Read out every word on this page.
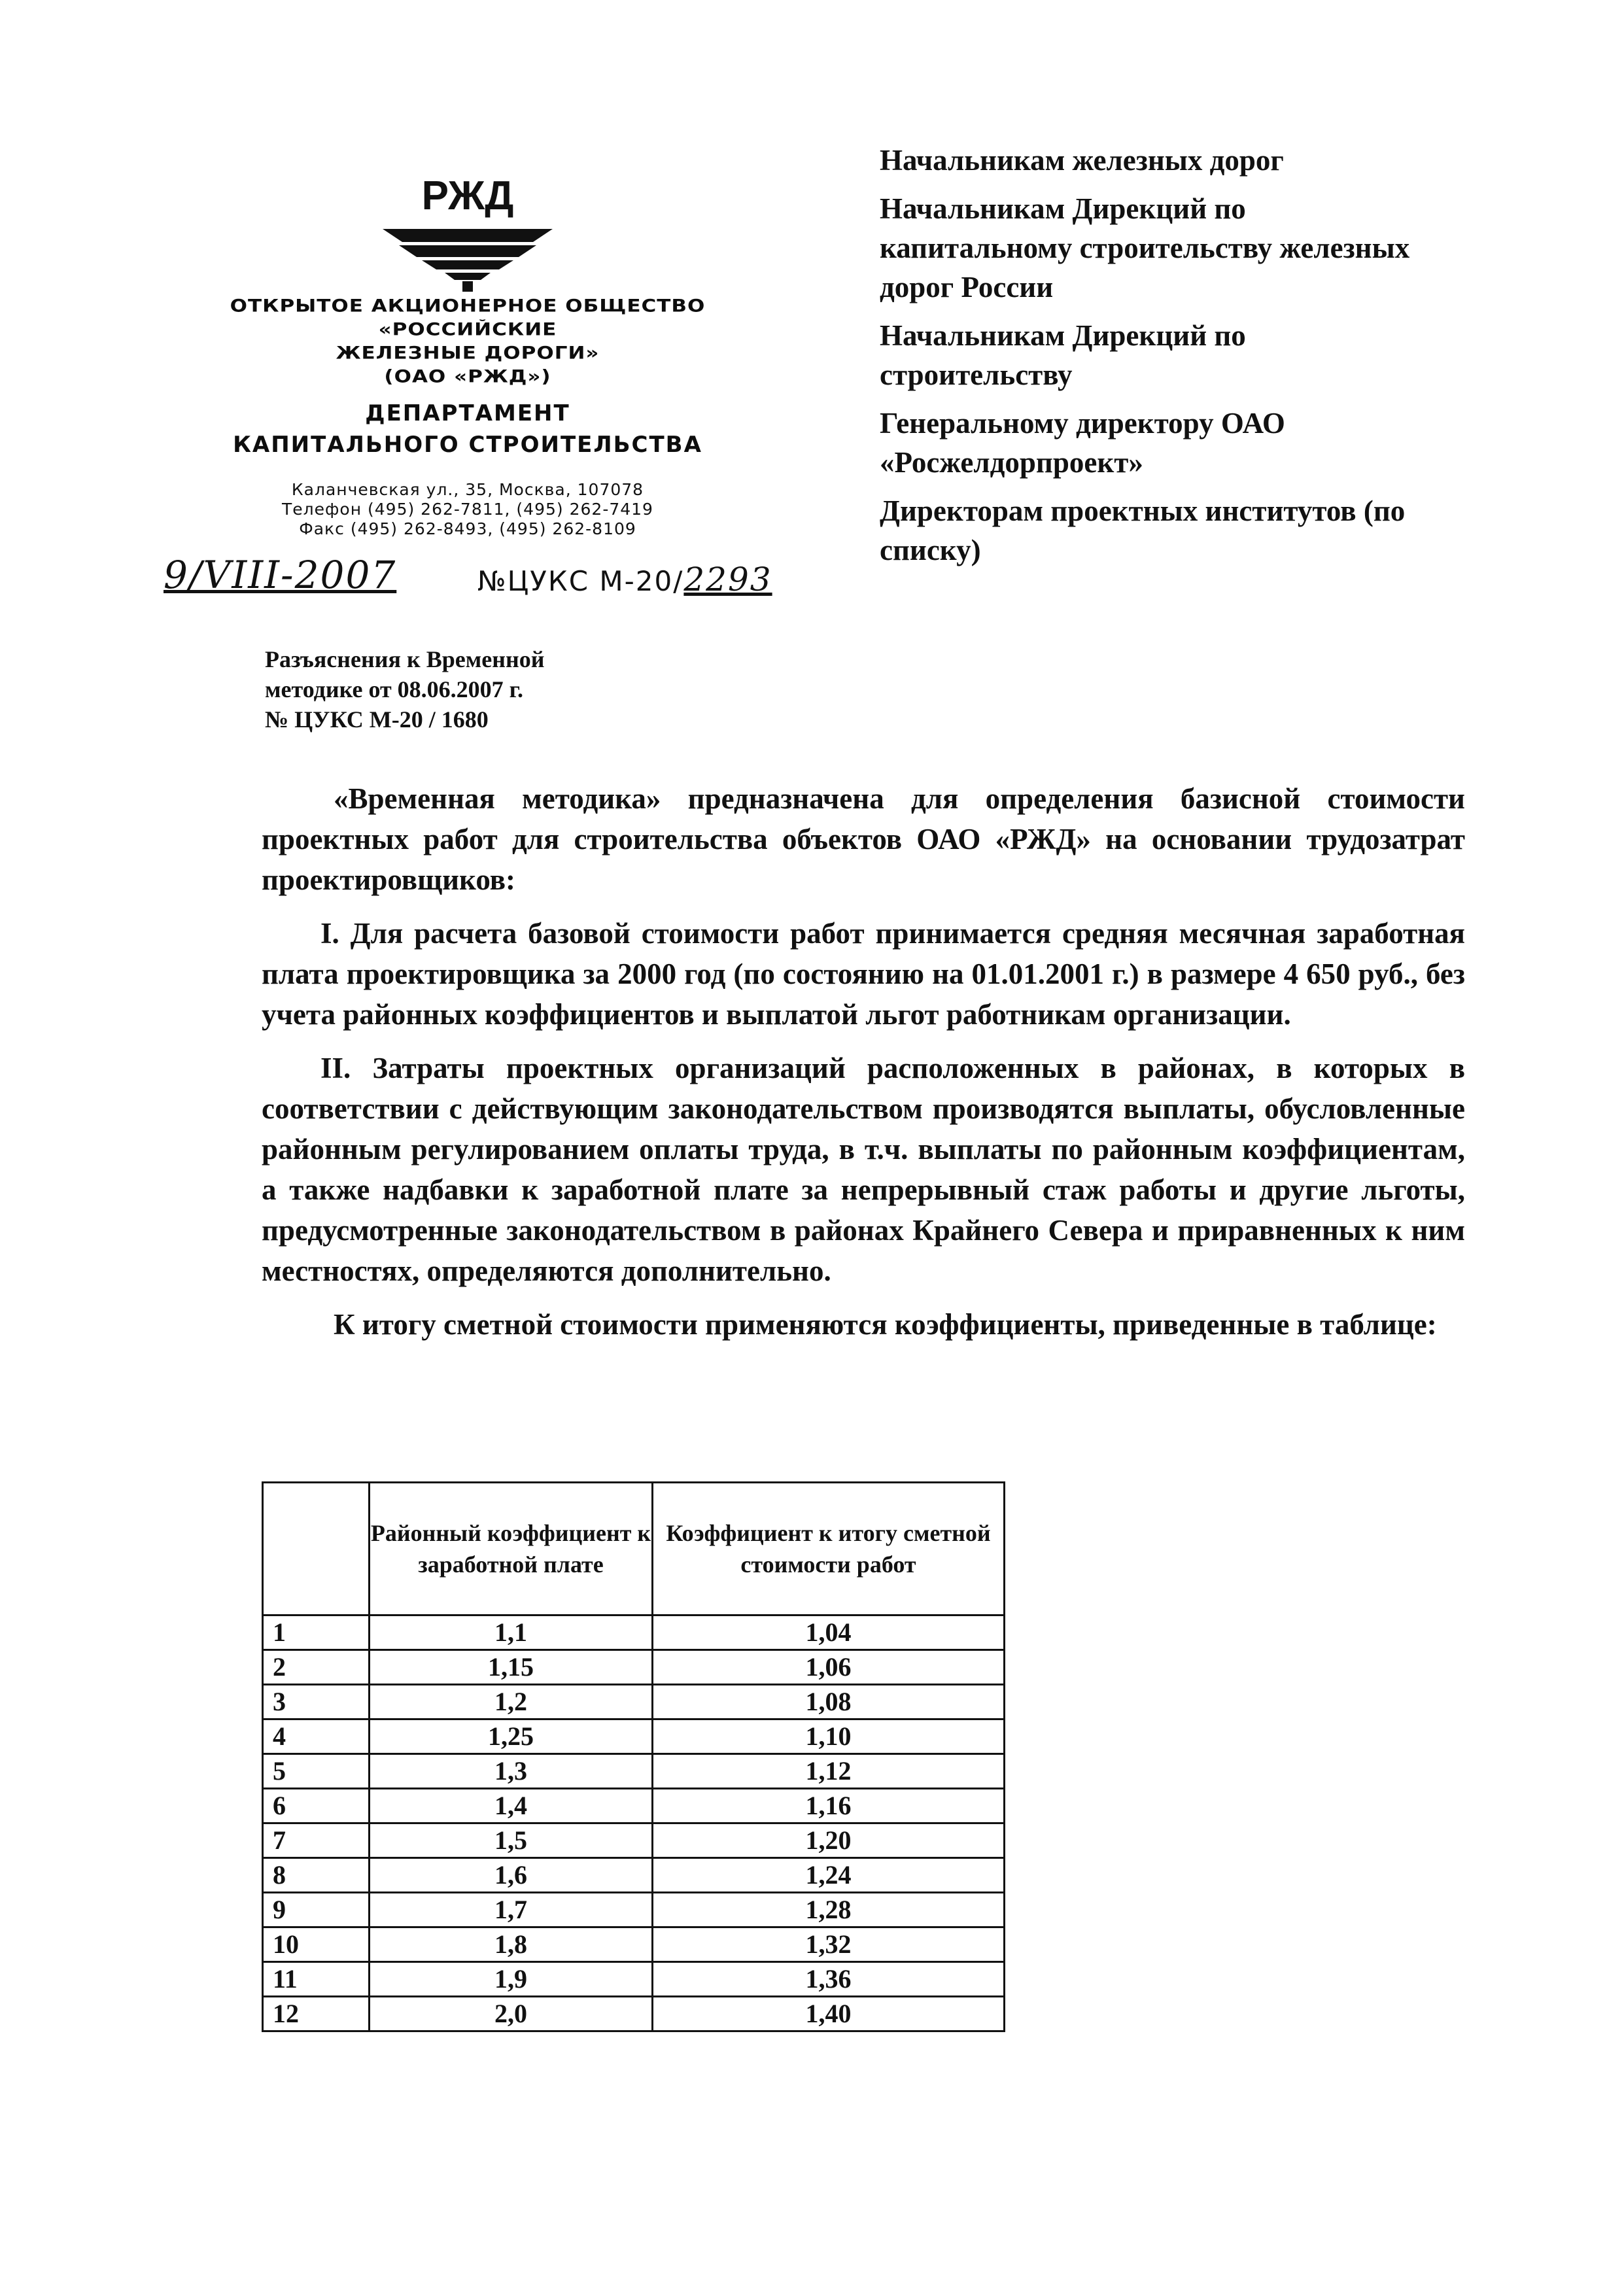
РЖД
ОТКРЫТОЕ АКЦИОНЕРНОЕ ОБЩЕСТВО
«РОССИЙСКИЕ
ЖЕЛЕЗНЫЕ ДОРОГИ»
(ОАО «РЖД»)
ДЕПАРТАМЕНТ
КАПИТАЛЬНОГО СТРОИТЕЛЬСТВА
Каланчевская ул., 35, Москва, 107078
Телефон (495) 262-7811, (495) 262-7419
Факс (495) 262-8493, (495) 262-8109
9/VIII-2007	№ЦУКС М-20/2293
Начальникам железных дорог
Начальникам Дирекций по капитальному строительству железных дорог России
Начальникам Дирекций по строительству
Генеральному директору ОАО «Росжелдорпроект»
Директорам проектных институтов (по списку)
Разъяснения к Временной
методике от 08.06.2007 г.
№ ЦУКС М-20 / 1680

«Временная методика» предназначена для определения базисной стоимости проектных работ для строительства объектов ОАО «РЖД» на основании трудозатрат проектировщиков:

I. Для расчета базовой стоимости работ принимается средняя месячная заработная плата проектировщика за 2000 год (по состоянию на 01.01.2001 г.) в размере 4 650 руб., без учета районных коэффициентов и выплатой льгот работникам организации.

II. Затраты проектных организаций расположенных в районах, в которых в соответствии с действующим законодательством производятся выплаты, обусловленные районным регулированием оплаты труда, в т.ч. выплаты по районным коэффициентам, а также надбавки к заработной плате за непрерывный стаж работы и другие льготы, предусмотренные законодательством в районах Крайнего Севера и приравненных к ним местностях, определяются дополнительно.

К итогу сметной стоимости применяются коэффициенты, приведенные в таблице:

	Районный коэффициент к заработной плате	Коэффициент к итогу сметной стоимости работ
1	1,1	1,04
2	1,15	1,06
3	1,2	1,08
4	1,25	1,10
5	1,3	1,12
6	1,4	1,16
7	1,5	1,20
8	1,6	1,24
9	1,7	1,28
10	1,8	1,32
11	1,9	1,36
12	2,0	1,40
